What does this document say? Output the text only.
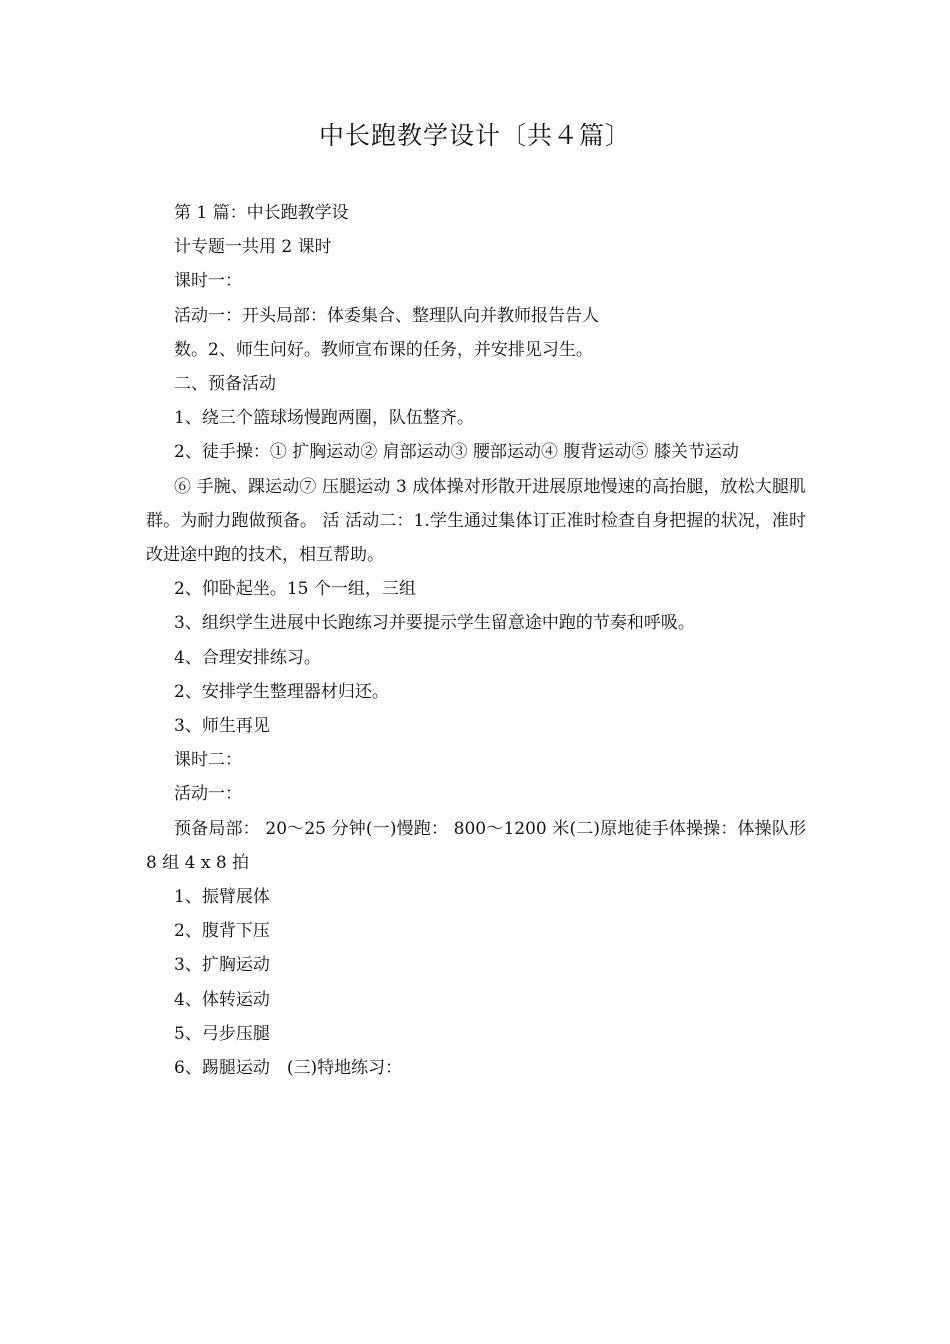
中长跑教学设计〔共４篇〕
第 1 篇：中长跑教学设
计专题一共用 2 课时
课时一：
活动一：开头局部：体委集合、整理队向并教师报告告人
数。2、师生问好。教师宣布课的任务，并安排见习生。
二、预备活动
1、绕三个篮球场慢跑两圈，队伍整齐。
2、徒手操：① 扩胸运动② 肩部运动③ 腰部运动④ 腹背运动⑤ 膝关节运动
⑥ 手腕、踝运动⑦ 压腿运动 3 成体操对形散开进展原地慢速的高抬腿，放松大腿肌群。为耐力跑做预备。 活 活动二：1.学生通过集体订正准时检查自身把握的状况，准时改进途中跑的技术，相互帮助。
2、仰卧起坐。15 个一组，三组
3、组织学生进展中长跑练习并要提示学生留意途中跑的节奏和呼吸。
4、合理安排练习。
2、安排学生整理器材归还。
3、师生再见
课时二：
活动一：
预备局部： 20～25 分钟(一)慢跑： 800～1200 米(二)原地徒手体操操：体操队形 8 组 4 x 8 拍
1、振臂展体
2、腹背下压
3、扩胸运动
4、体转运动
5、弓步压腿
6、踢腿运动　(三)特地练习：
